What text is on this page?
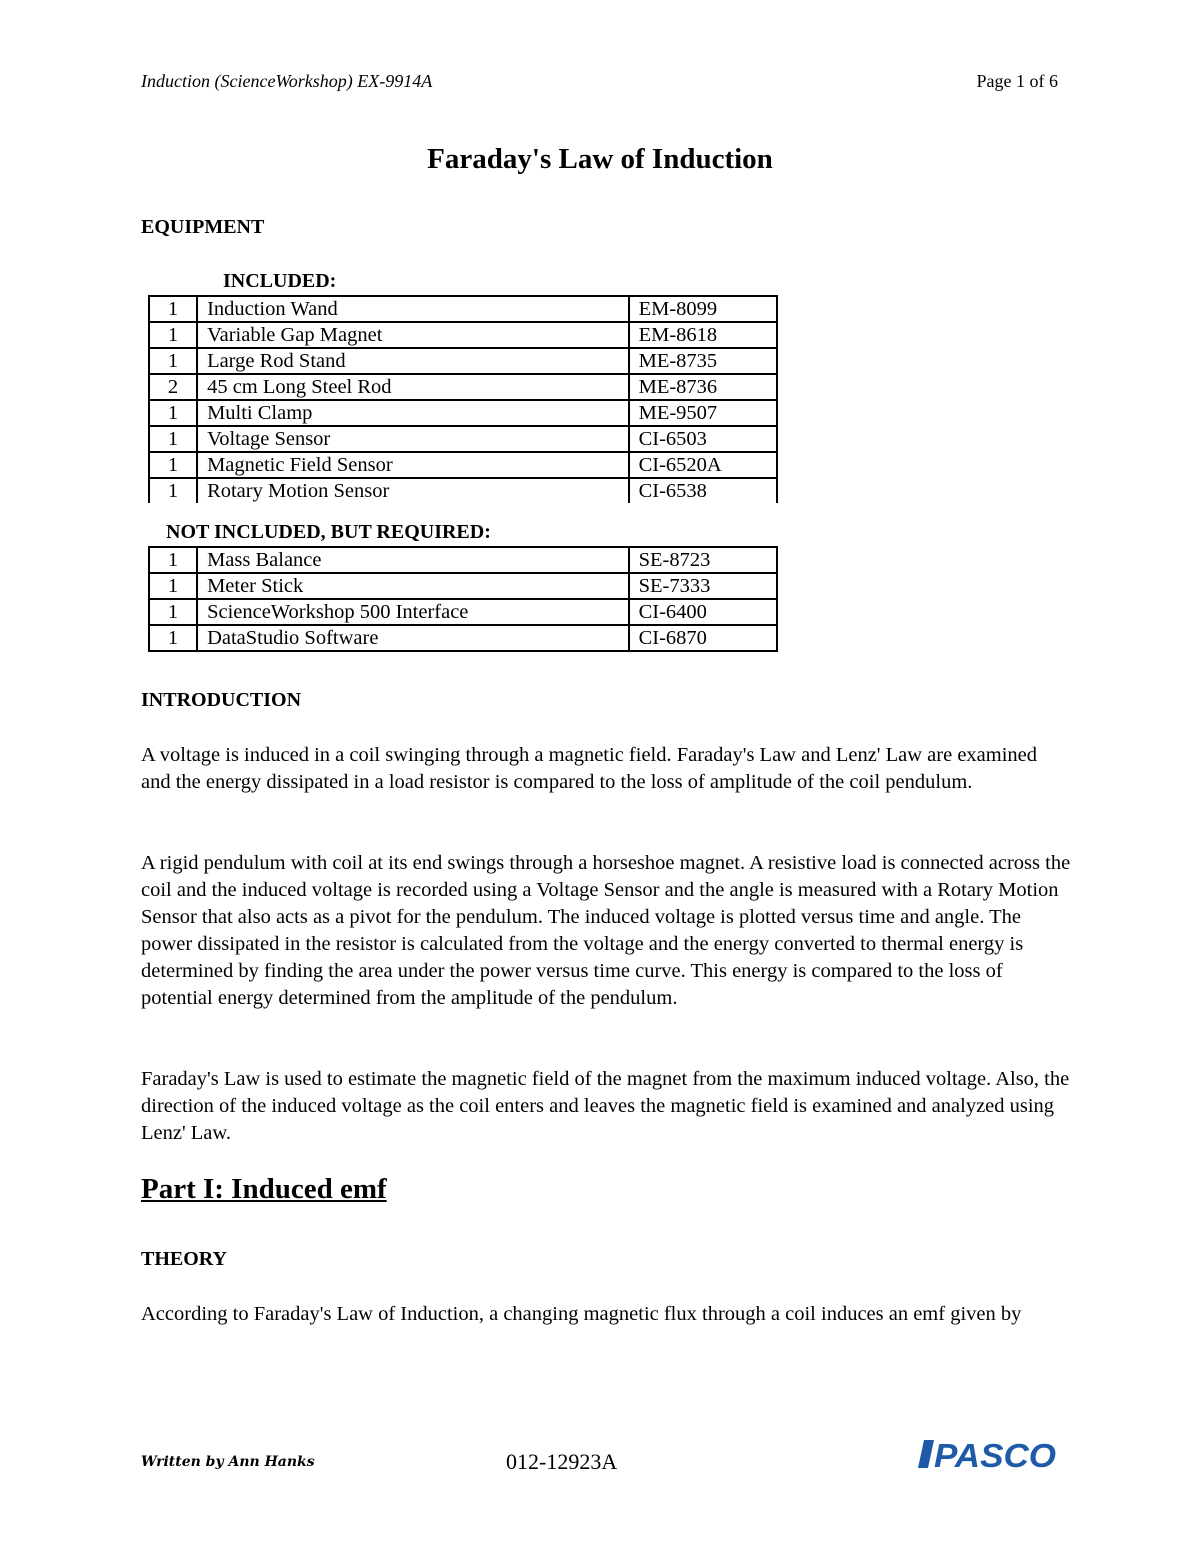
Induction (ScienceWorkshop) EX-9914A	Page 1 of 6
Faraday's Law of Induction
EQUIPMENT
INCLUDED:
1	Induction Wand	EM-8099
1	Variable Gap Magnet	EM-8618
1	Large Rod Stand	ME-8735
2	45 cm Long Steel Rod	ME-8736
1	Multi Clamp	ME-9507
1	Voltage Sensor	CI-6503
1	Magnetic Field Sensor	CI-6520A
1	Rotary Motion Sensor	CI-6538
NOT INCLUDED, BUT REQUIRED:
1	Mass Balance	SE-8723
1	Meter Stick	SE-7333
1	ScienceWorkshop 500 Interface	CI-6400
1	DataStudio Software	CI-6870
INTRODUCTION

A voltage is induced in a coil swinging through a magnetic field. Faraday's Law and Lenz' Law are examined and the energy dissipated in a load resistor is compared to the loss of amplitude of the coil pendulum.

A rigid pendulum with coil at its end swings through a horseshoe magnet. A resistive load is connected across the coil and the induced voltage is recorded using a Voltage Sensor and the angle is measured with a Rotary Motion Sensor that also acts as a pivot for the pendulum. The induced voltage is plotted versus time and angle. The power dissipated in the resistor is calculated from the voltage and the energy converted to thermal energy is determined by finding the area under the power versus time curve. This energy is compared to the loss of potential energy determined from the amplitude of the pendulum.

Faraday's Law is used to estimate the magnetic field of the magnet from the maximum induced voltage. Also, the direction of the induced voltage as the coil enters and leaves the magnetic field is examined and analyzed using Lenz' Law.

Part I: Induced emf
THEORY

According to Faraday's Law of Induction, a changing magnetic flux through a coil induces an emf given by

Written by Ann Hanks	012-12923A	PASCO
